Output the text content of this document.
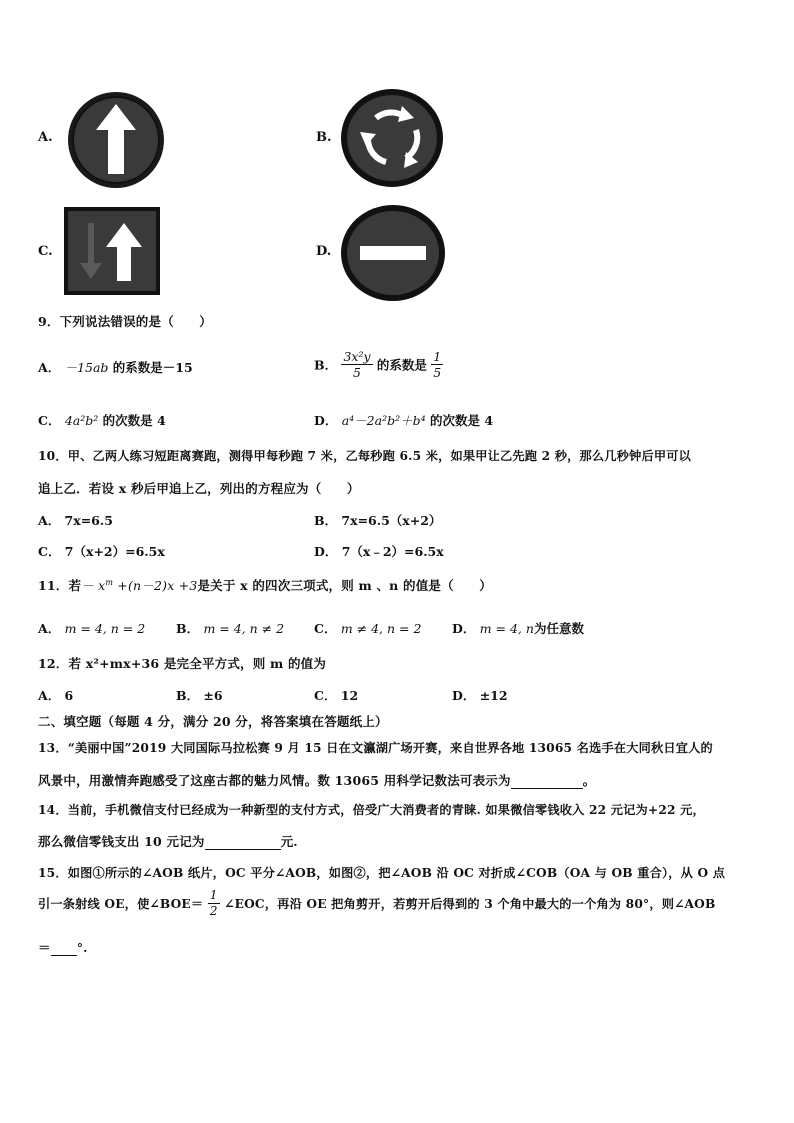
A.	B.
C.	D.
9．下列说法错误的是（　　）
A． －15ab 的系数是－15	B． $\frac{\text{3x²y}}{5}$ 的系数是 $\frac{1}{5}$
C． 4a²b² 的次数是 4	D． a⁴－2a²b²＋b⁴ 的次数是 4
10．甲、乙两人练习短距离赛跑，测得甲每秒跑 7 米，乙每秒跑 6.5 米，如果甲让乙先跑 2 秒，那么几秒钟后甲可以
追上乙．若设 x 秒后甲追上乙，列出的方程应为（　　）
A． 7x=6.5	B． 7x=6.5（x+2）
C． 7（x+2）=6.5x	D． 7（x﹣2）=6.5x
11．若－ $x^m +(n-2)x +3$是关于 x 的四次三项式，则 m 、n 的值是（　　）
A． m = 4, n = 2 B． m = 4, n ≠ 2 C． m ≠ 4, n = 2 D． m = 4, n为任意数
12．若 x²+mx+36 是完全平方式，则 m 的值为
A． 6	B． ±6	C． 12	D． ±12
二、填空题（每题 4 分，满分 20 分，将答案填在答题纸上）
13．“美丽中国”2019 大同国际马拉松赛 9 月 15 日在文瀛湖广场开赛，来自世界各地 13065 名选手在大同秋日宜人的
风景中，用激情奔跑感受了这座古都的魅力风情。数 13065 用科学记数法可表示为	。
14．当前，手机微信支付已经成为一种新型的支付方式，倍受广大消费者的青睐. 如果微信零钱收入 22 元记为+22 元，
那么微信零钱支出 10 元记为	元.
15．如图①所示的∠AOB 纸片，OC 平分∠AOB，如图②，把∠AOB 沿 OC 对折成∠COB（OA 与 OB 重合），从 O 点
引一条射线 OE，使∠BOE＝ $\frac{1}{2}$ ∠EOC，再沿 OE 把角剪开，若剪开后得到的 3 个角中最大的一个角为 80°，则∠AOB
＝ °.
